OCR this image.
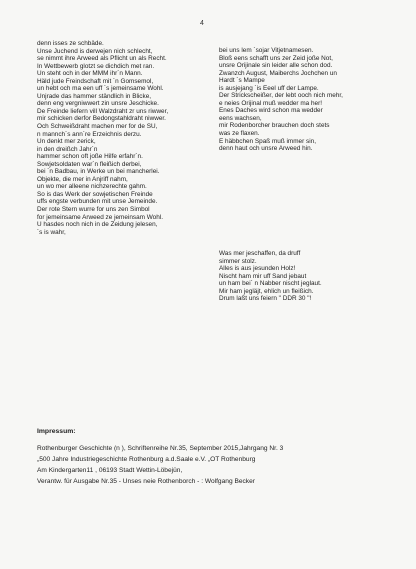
4
denn isses ze schbäde.
Unse Juchend is derwejen nich schlecht,
se nimmt ihre Arweed als Pflicht un als Recht.
In Wettbewerb glotzt se dichdich met ran.
Un steht och in der MMM ihr´n Mann.
Häld jude Freindschaft mit ´n Gomsemol,
un hebt och ma een uff ´s jemeinsame Wohl.
Unjrade das hammer ständlich in Blicke,
denn eng vergniwwert zin unsre Jeschicke.
De Freinde liefern vill Walzdraht zr uns riwwer,
mir schicken derfor Bedongstahldraht niwwer.
Och Schweißdraht machen mer for de SU,
n mannch´s ann´re Erzeichnis derzu.
Un denkt mer zerick,
in den dreißch Jahr´n
hammer schon oft joße Hilfe erfahr´n.
Sowjetsoldaten war´n fleißich derbei,
bei ´n Badbau, in Werke un bei mancherlei.
Objekte, die mer in Anjriff nahm,
un wo mer alleene nichzerechte gahm.
So is das Werk der sowjetischen Freinde
uffs engste verbunden mit unse Jemeinde.
Der rote Stern wurre for uns zen Simbol
for jemeinsame Arweed ze jemeinsam Wohl.
U hasdes noch nich in de Zeidung jelesen,
´s is wahr,
bei uns lem ´sojar Vitjetnamesen.
Bloß eens schafft uns zer Zeid joße Not,
unsre Orijinale sin leider alle schon dod.
Zwanzch August, Maiberchs Jochchen un
Hardt ´s Mampe
is ausjejang ´is Eeel uff der Lampe.
Der Strickscheißer, der lebt ooch nich mehr,
e neies Orijinal muß wedder ma her!
Enes Daches wird schon ma wedder
eens wachsen,
mir Rodenborcher brauchen doch stets
was ze flaxen.
E häbbchen Spaß muß immer sin,
denn haut och unsre Arweed hin.
Was mer jeschaffen, da druff
simmer stolz.
Alles is aus jesunden Holz!
Nischt ham mir uff Sand jebaut
un ham bei´ n Nabber nischt jeglaut.
Mir ham jegläjt, ehlich un fleißich.
Drum laßt uns feiern " DDR 30 "!
Impressum:
Rothenburger Geschichte (n ), Schriftenreihe Nr.35, September 2015,Jahrgang Nr. 3
„500 Jahre Industriegeschichte Rothenburg a.d.Saale e.V. „OT Rothenburg
Am Kindergarten11 , 06193 Stadt Wettin-Löbejün,
Verantw. für Ausgabe Nr.35 - Unses neie Rothenborch - : Wolfgang Becker
